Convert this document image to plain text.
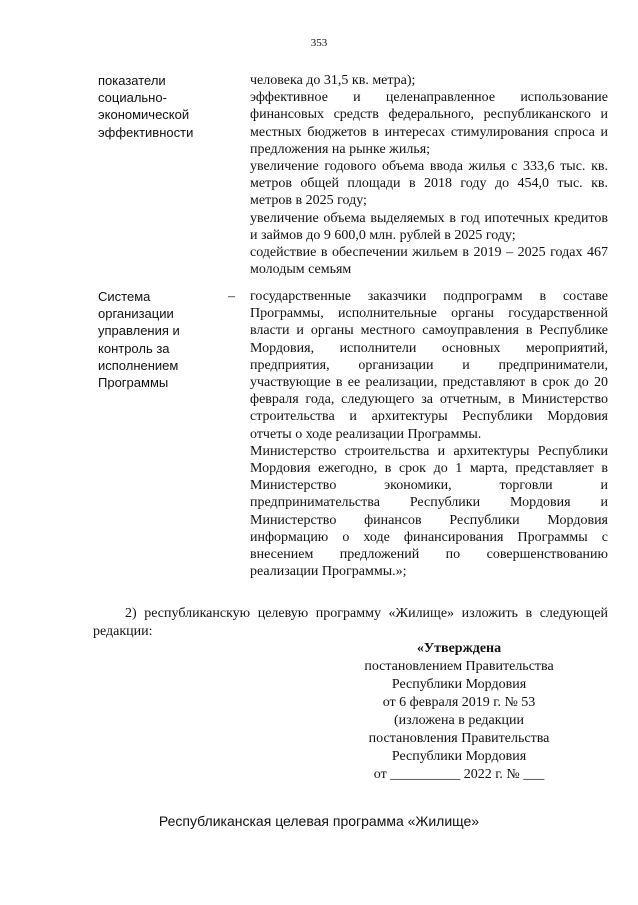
353
показатели
социально-
экономической
эффективности

человека до 31,5 кв. метра);

эффективное и целенаправленное использование финансовых средств федерального, республиканского и местных бюджетов в интересах стимулирования спроса и предложения на рынке жилья;

увеличение годового объема ввода жилья с 333,6 тыс. кв. метров общей площади в 2018 году до 454,0 тыс. кв. метров в 2025 году;

увеличение объема выделяемых в год ипотечных кредитов и займов до 9 600,0 млн. рублей в 2025 году;

содействие в обеспечении жильем в 2019 – 2025 годах 467 молодым семьям

Система
организации
управления и
контроль за
исполнением
Программы
– государственные заказчики подпрограмм в составе Программы, исполнительные органы государственной власти и органы местного самоуправления в Республике Мордовия, исполнители основных мероприятий, предприятия, организации и предприниматели, участвующие в ее реализации, представляют в срок до 20 февраля года, следующего за отчетным, в Министерство строительства и архитектуры Республики Мордовия отчеты о ходе реализации Программы.

Министерство строительства и архитектуры Республики Мордовия ежегодно, в срок до 1 марта, представляет в Министерство экономики, торговли и предпринимательства Республики Мордовия и Министерство финансов Республики Мордовия информацию о ходе финансирования Программы с внесением предложений по совершенствованию реализации Программы.»;

2) республиканскую целевую программу «Жилище» изложить в следующей редакции:

«Утверждена
постановлением Правительства
Республики Мордовия
от 6 февраля 2019 г. № 53
(изложена в редакции
постановления Правительства
Республики Мордовия
от __________ 2022 г. № ___
Республиканская целевая программа «Жилище»
